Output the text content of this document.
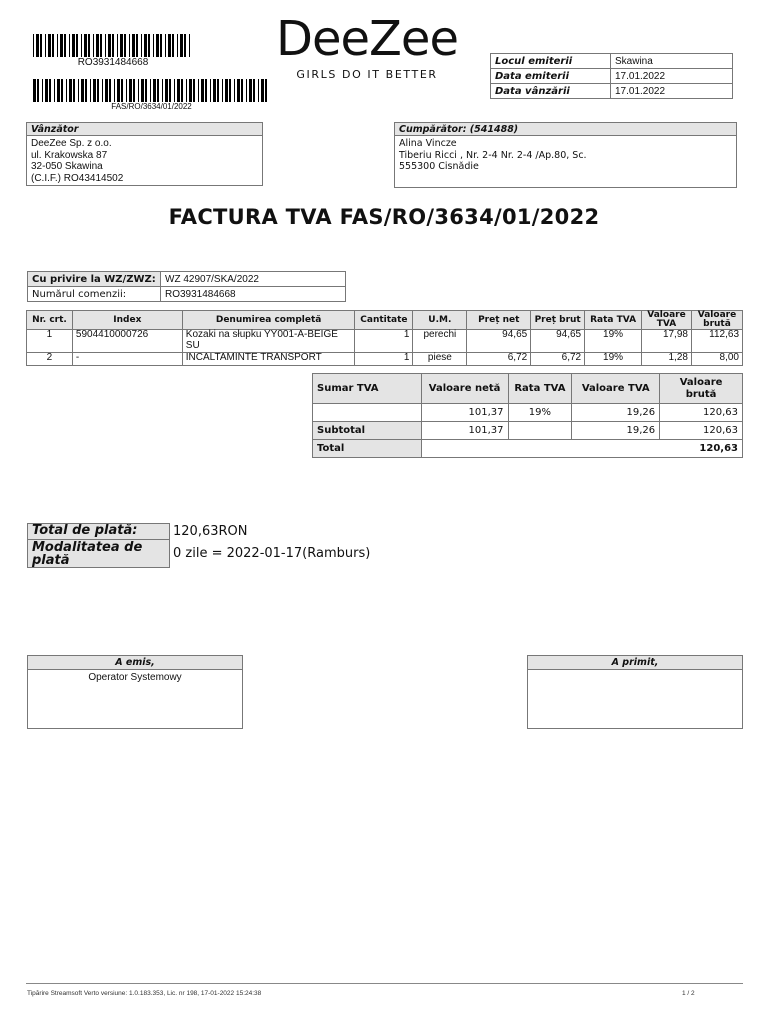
RO3931484668
FAS/RO/3634/01/2022
DeeZee
GIRLS DO IT BETTER
Locul emiterii	Skawina
Data emiterii	17.01.2022
Data vânzării	17.01.2022
Vânzător
DeeZee Sp. z o.o.
ul. Krakowska 87
32-050 Skawina
(C.I.F.) RO43414502
Cumpărător: (541488)
Alina Vincze
Tiberiu Ricci , Nr. 2-4 Nr. 2-4 /Ap.80, Sc.
555300 Cisnădie
FACTURA TVA FAS/RO/3634/01/2022
Cu privire la WZ/ZWZ:	WZ 42907/SKA/2022
Numărul comenzii:	RO3931484668
Nr. crt.	Index	Denumirea completă	Cantitate	U.M.	Preț net	Preț brut	Rata TVA	Valoare TVA	Valoare brută
1	5904410000726	Kozaki na słupku YY001-A-BEIGE SU	1	perechi	94,65	94,65	19%	17,98	112,63
2	-	INCALTAMINTE TRANSPORT	1	piese	6,72	6,72	19%	1,28	8,00
Sumar TVA	Valoare netă	Rata TVA	Valoare TVA	Valoare brută
	101,37	19%	19,26	120,63
Subtotal	101,37		19,26	120,63
Total	120,63			
Total de plată:	120,63RON
Modalitatea de plată	0 zile = 2022-01-17(Ramburs)
A emis,
Operator Systemowy
A primit,
Tipărire Streamsoft Verto versiune: 1.0.183.353, Lic. nr 198, 17-01-2022 15:24:38	1 / 2
